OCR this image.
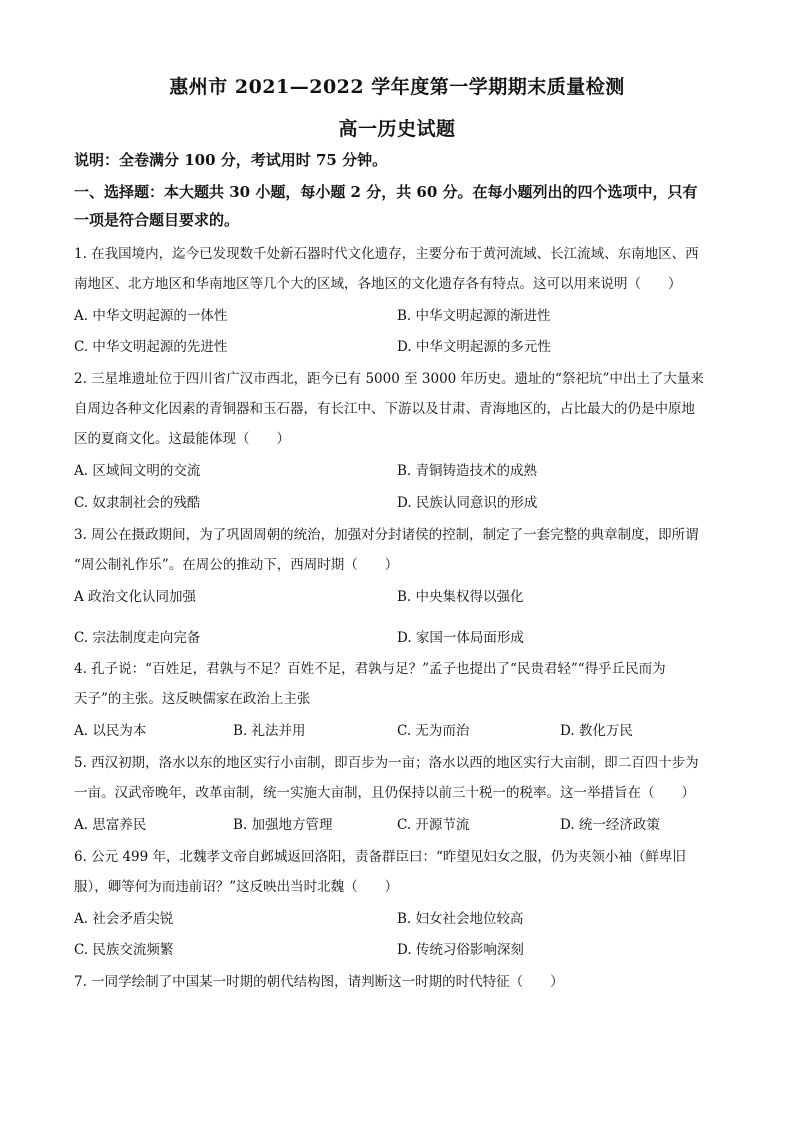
惠州市 2021—2022 学年度第一学期期末质量检测
高一历史试题
说明：全卷满分 100 分，考试用时 75 分钟。
一、选择题：本大题共 30 小题，每小题 2 分，共 60 分。在每小题列出的四个选项中，只有
一项是符合题目要求的。
1. 在我国境内，迄今已发现数千处新石器时代文化遗存，主要分布于黄河流域、长江流域、东南地区、西
南地区、北方地区和华南地区等几个大的区域，各地区的文化遗存各有特点。这可以用来说明（　　）
A. 中华文明起源的一体性	B. 中华文明起源的渐进性
C. 中华文明起源的先进性	D. 中华文明起源的多元性
2. 三星堆遗址位于四川省广汉市西北，距今已有 5000 至 3000 年历史。遗址的“祭祀坑”中出土了大量来
自周边各种文化因素的青铜器和玉石器，有长江中、下游以及甘肃、青海地区的，占比最大的仍是中原地
区的夏商文化。这最能体现（　　）
A. 区域间文明的交流	B. 青铜铸造技术的成熟
C. 奴隶制社会的残酷	D. 民族认同意识的形成
3. 周公在摄政期间，为了巩固周朝的统治，加强对分封诸侯的控制，制定了一套完整的典章制度，即所谓
“周公制礼作乐”。在周公的推动下，西周时期（　　）
A 政治文化认同加强	B. 中央集权得以强化
C. 宗法制度走向完备	D. 家国一体局面形成
4. 孔子说：“百姓足，君孰与不足？百姓不足，君孰与足？”孟子也提出了“民贵君轻”“得乎丘民而为
天子”的主张。这反映儒家在政治上主张
A. 以民为本	B. 礼法并用	C. 无为而治	D. 教化万民
5. 西汉初期，洛水以东的地区实行小亩制，即百步为一亩；洛水以西的地区实行大亩制，即二百四十步为
一亩。汉武帝晚年，改革亩制，统一实施大亩制，且仍保持以前三十税一的税率。这一举措旨在（　　）
A. 思富养民	B. 加强地方管理	C. 开源节流	D. 统一经济政策
6. 公元 499 年，北魏孝文帝自邺城返回洛阳，责备群臣曰：“昨望见妇女之服，仍为夹领小袖（鲜卑旧
服），卿等何为而违前诏？”这反映出当时北魏（　　）
A. 社会矛盾尖锐	B. 妇女社会地位较高
C. 民族交流频繁	D. 传统习俗影响深刻
7. 一同学绘制了中国某一时期的朝代结构图，请判断这一时期的时代特征（　　）
